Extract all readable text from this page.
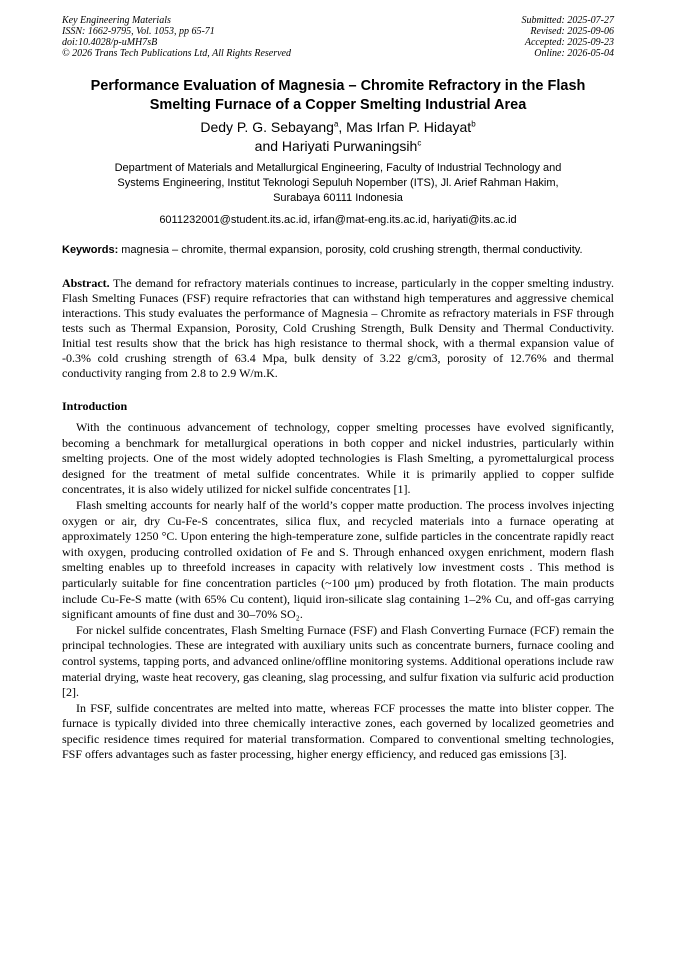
Key Engineering Materials
ISSN: 1662-9795, Vol. 1053, pp 65-71
doi:10.4028/p-uMH7sB
© 2026 Trans Tech Publications Ltd, All Rights Reserved
Submitted: 2025-07-27
Revised: 2025-09-06
Accepted: 2025-09-23
Online: 2026-05-04
Performance Evaluation of Magnesia – Chromite Refractory in the Flash Smelting Furnace of a Copper Smelting Industrial Area
Dedy P. G. Sebayang$^a$, Mas Irfan P. Hidayat$^b$
and Hariyati Purwaningsih$^c$
Department of Materials and Metallurgical Engineering, Faculty of Industrial Technology and
Systems Engineering, Institut Teknologi Sepuluh Nopember (ITS), Jl. Arief Rahman Hakim,
Surabaya 60111 Indonesia
6011232001@student.its.ac.id, irfan@mat-eng.its.ac.id, hariyati@its.ac.id
Keywords: magnesia – chromite, thermal expansion, porosity, cold crushing strength, thermal conductivity.
Abstract. The demand for refractory materials continues to increase, particularly in the copper smelting industry. Flash Smelting Funaces (FSF) require refractories that can withstand high temperatures and aggressive chemical interactions. This study evaluates the performance of Magnesia – Chromite as refractory materials in FSF through tests such as Thermal Expansion, Porosity, Cold Crushing Strength, Bulk Density and Thermal Conductivity. Initial test results show that the brick has high resistance to thermal shock, with a thermal expansion value of -0.3% cold crushing strength of 63.4 Mpa, bulk density of 3.22 g/cm3, porosity of 12.76% and thermal conductivity ranging from 2.8 to 2.9 W/m.K.
Introduction

With the continuous advancement of technology, copper smelting processes have evolved significantly, becoming a benchmark for metallurgical operations in both copper and nickel industries, particularly within smelting projects. One of the most widely adopted technologies is Flash Smelting, a pyromettalurgical process designed for the treatment of metal sulfide concentrates. While it is primarily applied to copper sulfide concentrates, it is also widely utilized for nickel sulfide concentrates [1].

Flash smelting accounts for nearly half of the world’s copper matte production. The process involves injecting oxygen or air, dry Cu-Fe-S concentrates, silica flux, and recycled materials into a furnace operating at approximately 1250 °C. Upon entering the high-temperature zone, sulfide particles in the concentrate rapidly react with oxygen, producing controlled oxidation of Fe and S. Through enhanced oxygen enrichment, modern flash smelting enables up to threefold increases in capacity with relatively low investment costs . This method is particularly suitable for fine concentration particles (~100 μm) produced by froth flotation. The main products include Cu-Fe-S matte (with 65% Cu content), liquid iron-silicate slag containing 1–2% Cu, and off-gas carrying significant amounts of fine dust and 30–70% SO₂.

For nickel sulfide concentrates, Flash Smelting Furnace (FSF) and Flash Converting Furnace (FCF) remain the principal technologies. These are integrated with auxiliary units such as concentrate burners, furnace cooling and control systems, tapping ports, and advanced online/offline monitoring systems. Additional operations include raw material drying, waste heat recovery, gas cleaning, slag processing, and sulfur fixation via sulfuric acid production [2].

In FSF, sulfide concentrates are melted into matte, whereas FCF processes the matte into blister copper. The furnace is typically divided into three chemically interactive zones, each governed by localized geometries and specific residence times required for material transformation. Compared to conventional smelting technologies, FSF offers advantages such as faster processing, higher energy efficiency, and reduced gas emissions [3].
